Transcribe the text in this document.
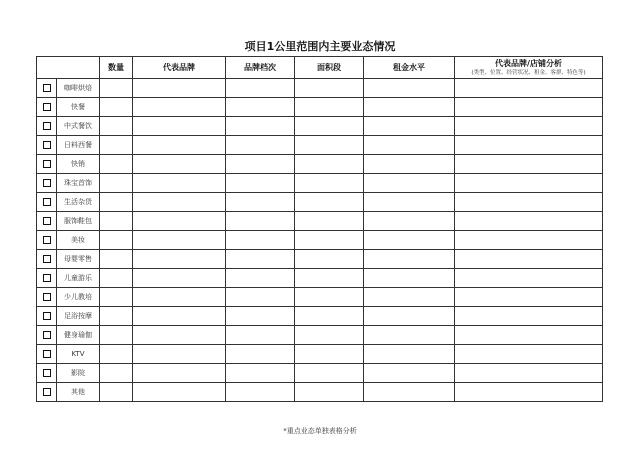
项目1公里范围内主要业态情况
		数量	代表品牌	品牌档次	面积段	租金水平	代表品牌/店铺分析
(类型、位置、经营状况、租金、客群、特色等)

	咖啡烘焙						
	快餐						
	中式餐饮						
	日料西餐						
	快销						
	珠宝首饰						
	生活杂货						
	服饰鞋包						
	美妆						
	母婴零售						
	儿童游乐						
	少儿教培						
	足浴按摩						
	健身瑜伽						
	KTV						
	影院						
	其他						
*重点业态单独表格分析
